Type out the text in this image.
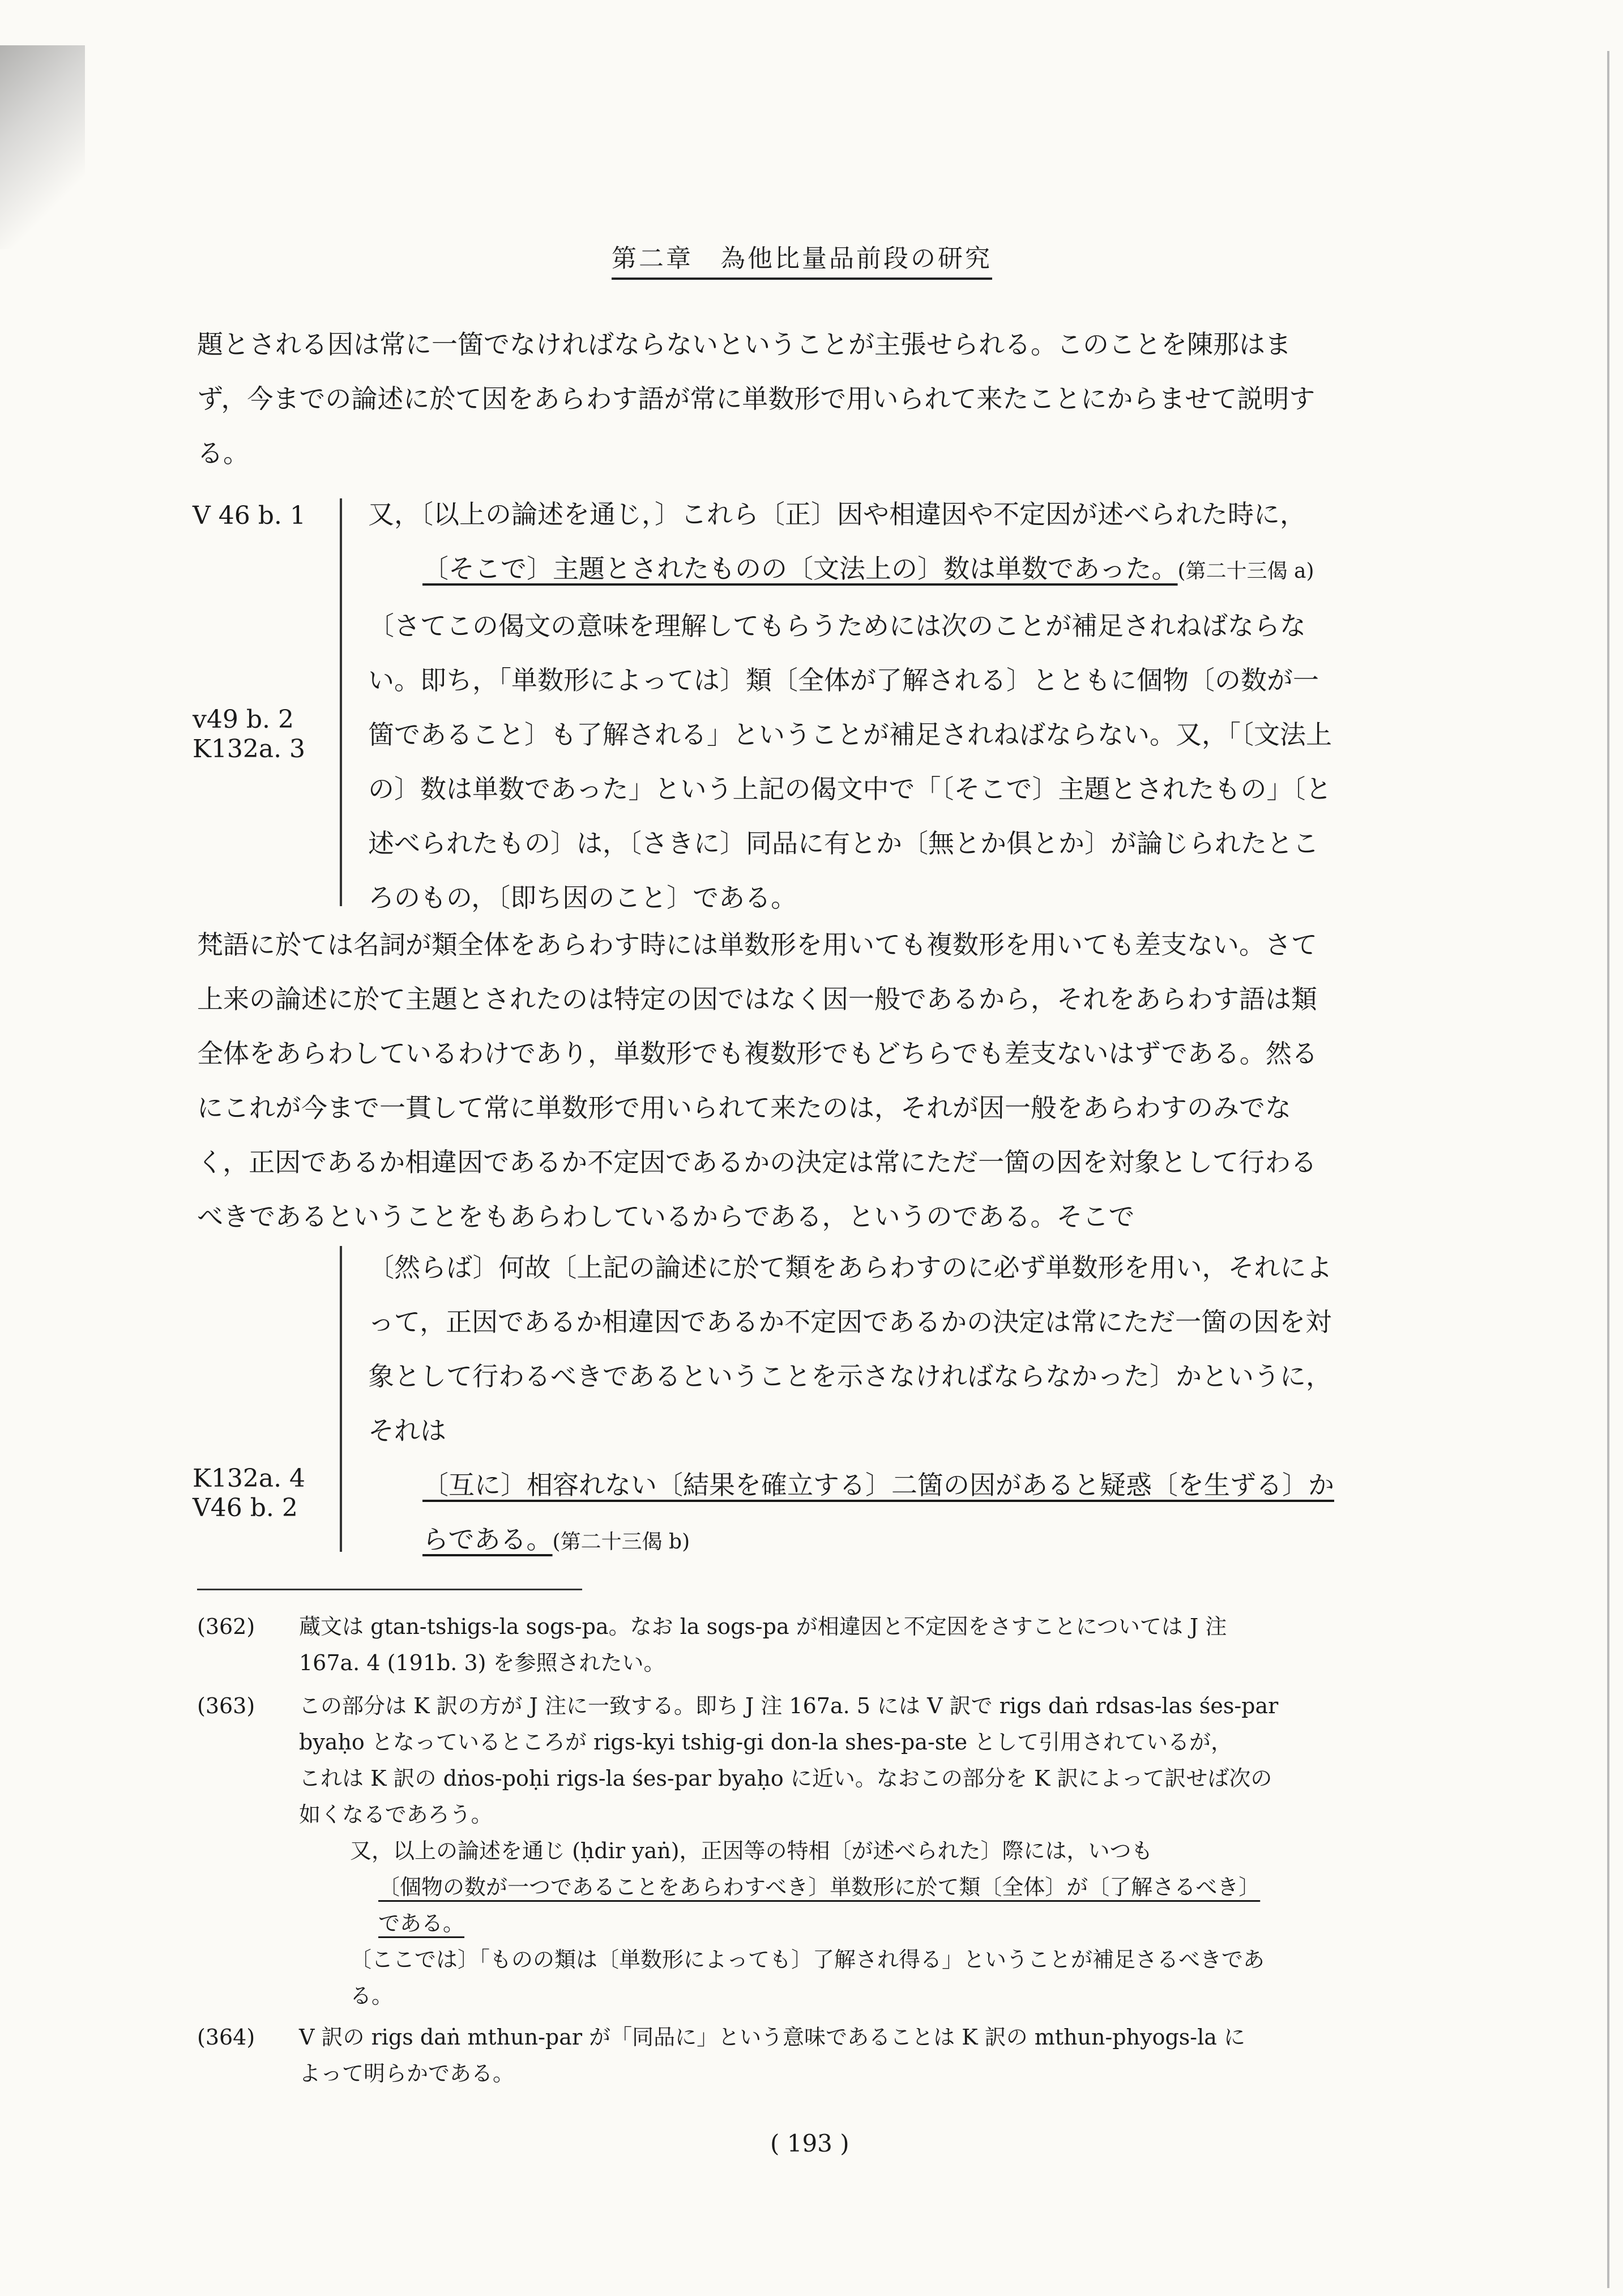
第二章　為他比量品前段の研究

題とされる因は常に一箇でなければならないということが主張せられる。このことを陳那はま

ず，今までの論述に於て因をあらわす語が常に単数形で用いられて来たことにからませて説明す

る。

V 46 b. 1
v49 b. 2
K132a. 3

又，〔以上の論述を通じ，〕これら〔正〕因や相違因や不定因が述べられた時に，

〔そこで〕主題とされたものの〔文法上の〕数は単数であった。(第二十三偈 a)

〔さてこの偈文の意味を理解してもらうためには次のことが補足されねばならな

い。即ち，「単数形によっては〕類〔全体が了解される〕とともに個物〔の数が一

箇であること〕も了解される」ということが補足されねばならない。又，「〔文法上

の〕数は単数であった」という上記の偈文中で「〔そこで〕主題とされたもの」〔と

述べられたもの〕は，〔さきに〕同品に有とか〔無とか俱とか〕が論じられたとこ

ろのもの，〔即ち因のこと〕である。

梵語に於ては名詞が類全体をあらわす時には単数形を用いても複数形を用いても差支ない。さて

上来の論述に於て主題とされたのは特定の因ではなく因一般であるから，それをあらわす語は類

全体をあらわしているわけであり，単数形でも複数形でもどちらでも差支ないはずである。然る

にこれが今まで一貫して常に単数形で用いられて来たのは，それが因一般をあらわすのみでな

く，正因であるか相違因であるか不定因であるかの決定は常にただ一箇の因を対象として行わる

べきであるということをもあらわしているからである，というのである。そこで

K132a. 4
V46 b. 2

〔然らば〕何故〔上記の論述に於て類をあらわすのに必ず単数形を用い，それによ

って，正因であるか相違因であるか不定因であるかの決定は常にただ一箇の因を対

象として行わるべきであるということを示さなければならなかった〕かというに，

それは

〔互に〕相容れない〔結果を確立する〕二箇の因があると疑惑〔を生ずる〕か

らである。(第二十三偈 b)

(362) 蔵文は gtan-tshigs-la sogs-pa。なお la sogs-pa が相違因と不定因をさすことについては J 注

167a. 4 (191b. 3) を参照されたい。

(363) この部分は K 訳の方が J 注に一致する。即ち J 注 167a. 5 には V 訳で rigs daṅ rdsas-las śes-par

byaḥo となっているところが rigs-kyi tshig-gi don-la shes-pa-ste として引用されているが，

これは K 訳の dṅos-poḥi rigs-la śes-par byaḥo に近い。なおこの部分を K 訳によって訳せば次の

如くなるであろう。

又，以上の論述を通じ (ḥdir yaṅ)，正因等の特相〔が述べられた〕際には，いつも

〔個物の数が一つであることをあらわすべき〕単数形に於て類〔全体〕が〔了解さるべき〕

である。

〔ここでは〕「ものの類は〔単数形によっても〕了解され得る」ということが補足さるべきであ

る。

(364) V 訳の rigs daṅ mthun-par が「同品に」という意味であることは K 訳の mthun-phyogs-la に

よって明らかである。

( 193 )
